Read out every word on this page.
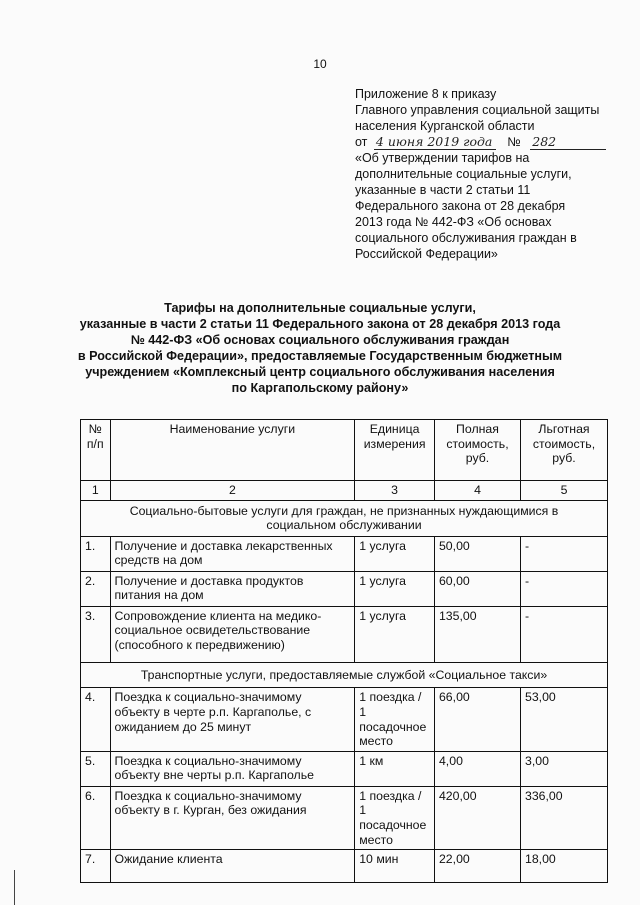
10
Приложение 8 к приказу
Главного управления социальной защиты
населения Курганской области
от 4 июня 2019 года № 282
«Об утверждении тарифов на
дополнительные социальные услуги,
указанные в части 2 статьи 11
Федерального закона от 28 декабря
2013 года № 442-ФЗ «Об основах
социального обслуживания граждан в
Российской Федерации»
Тарифы на дополнительные социальные услуги,
указанные в части 2 статьи 11 Федерального закона от 28 декабря 2013 года
№ 442-ФЗ «Об основах социального обслуживания граждан
в Российской Федерации», предоставляемые Государственным бюджетным
учреждением «Комплексный центр социального обслуживания населения
по Каргапольскому району»
№ п/п	Наименование услуги	Единица измерения	Полная стоимость, руб.	Льготная стоимость, руб.
1	2	3	4	5
Социально-бытовые услуги для граждан, не признанных нуждающимися в социальном обслуживании				
1.	Получение и доставка лекарственных средств на дом	1 услуга	50,00	-
2.	Получение и доставка продуктов питания на дом	1 услуга	60,00	-
3.	Сопровождение клиента на медико-социальное освидетельствование (способного к передвижению)	1 услуга	135,00	-
Транспортные услуги, предоставляемые службой «Социальное такси»				
4.	Поездка к социально-значимому объекту в черте р.п. Каргаполье, с ожиданием до 25 минут	1 поездка / 1 посадочное место	66,00	53,00
5.	Поездка к социально-значимому объекту вне черты р.п. Каргаполье	1 км	4,00	3,00
6.	Поездка к социально-значимому объекту в г. Курган, без ожидания	1 поездка / 1 посадочное место	420,00	336,00
7.	Ожидание клиента	10 мин	22,00	18,00
